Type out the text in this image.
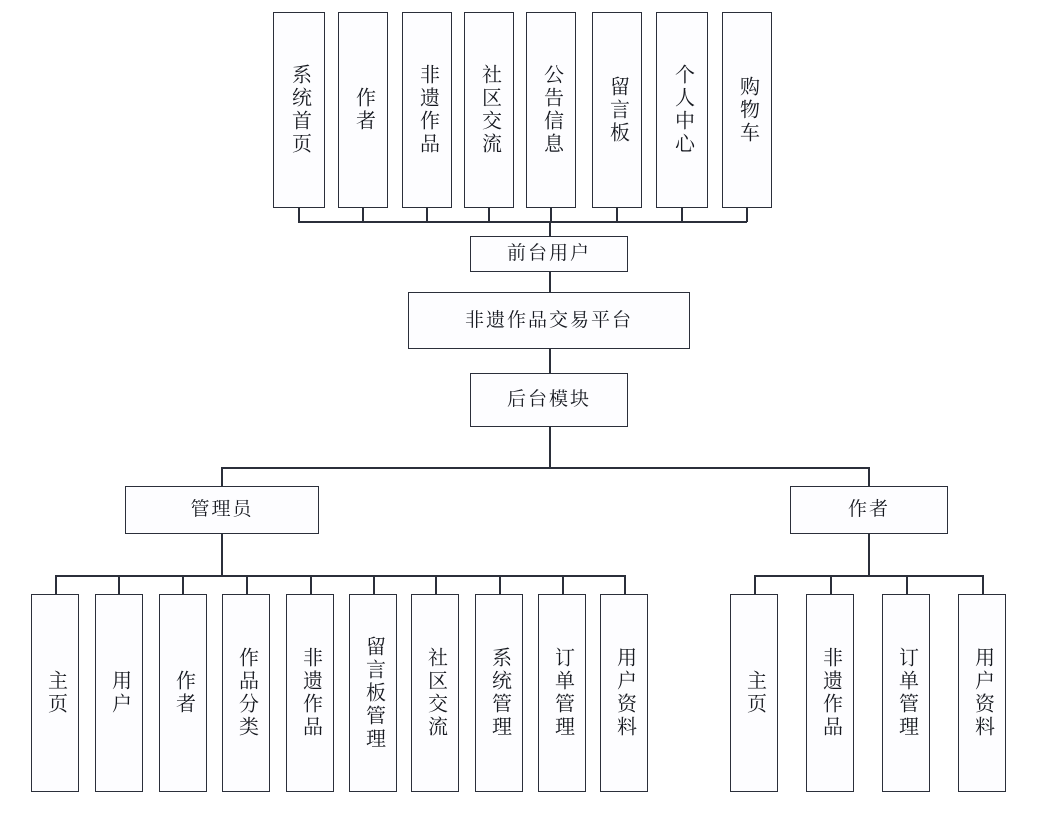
系统首页	作者	非遗作品	社区交流	公告信息	留言板	个人中心	购物车
前台用户
非遗作品交易平台
后台模块
管理员	作者
主页	用户	作者	作品分类	非遗作品	留言板管理	社区交流	系统管理	订单管理	用户资料	主页	非遗作品	订单管理	用户资料
